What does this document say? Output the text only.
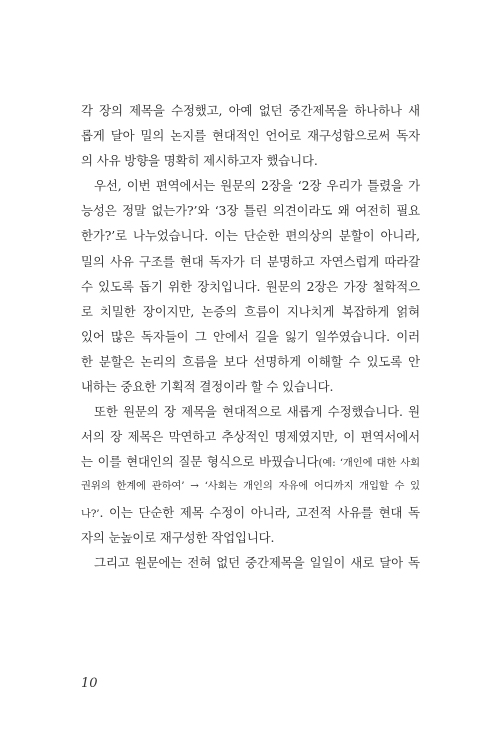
각 장의 제목을 수정했고, 아예 없던 중간제목을 하나하나 새
롭게 달아 밀의 논지를 현대적인 언어로 재구성함으로써 독자
의 사유 방향을 명확히 제시하고자 했습니다.
우선, 이번 편역에서는 원문의 2장을 ‘2장 우리가 틀렸을 가
능성은 정말 없는가?’와 ‘3장 틀린 의견이라도 왜 여전히 필요
한가?’로 나누었습니다. 이는 단순한 편의상의 분할이 아니라,
밀의 사유 구조를 현대 독자가 더 분명하고 자연스럽게 따라갈
수 있도록 돕기 위한 장치입니다. 원문의 2장은 가장 철학적으
로 치밀한 장이지만, 논증의 흐름이 지나치게 복잡하게 얽혀
있어 많은 독자들이 그 안에서 길을 잃기 일쑤였습니다. 이러
한 분할은 논리의 흐름을 보다 선명하게 이해할 수 있도록 안
내하는 중요한 기획적 결정이라 할 수 있습니다.
또한 원문의 장 제목을 현대적으로 새롭게 수정했습니다. 원
서의 장 제목은 막연하고 추상적인 명제였지만, 이 편역서에서
는 이를 현대인의 질문 형식으로 바꿨습니다(예: ‘개인에 대한 사회
권위의 한계에 관하여’ → ‘사회는 개인의 자유에 어디까지 개입할 수 있
나?’. 이는 단순한 제목 수정이 아니라, 고전적 사유를 현대 독
자의 눈높이로 재구성한 작업입니다.
그리고 원문에는 전혀 없던 중간제목을 일일이 새로 달아 독
10
